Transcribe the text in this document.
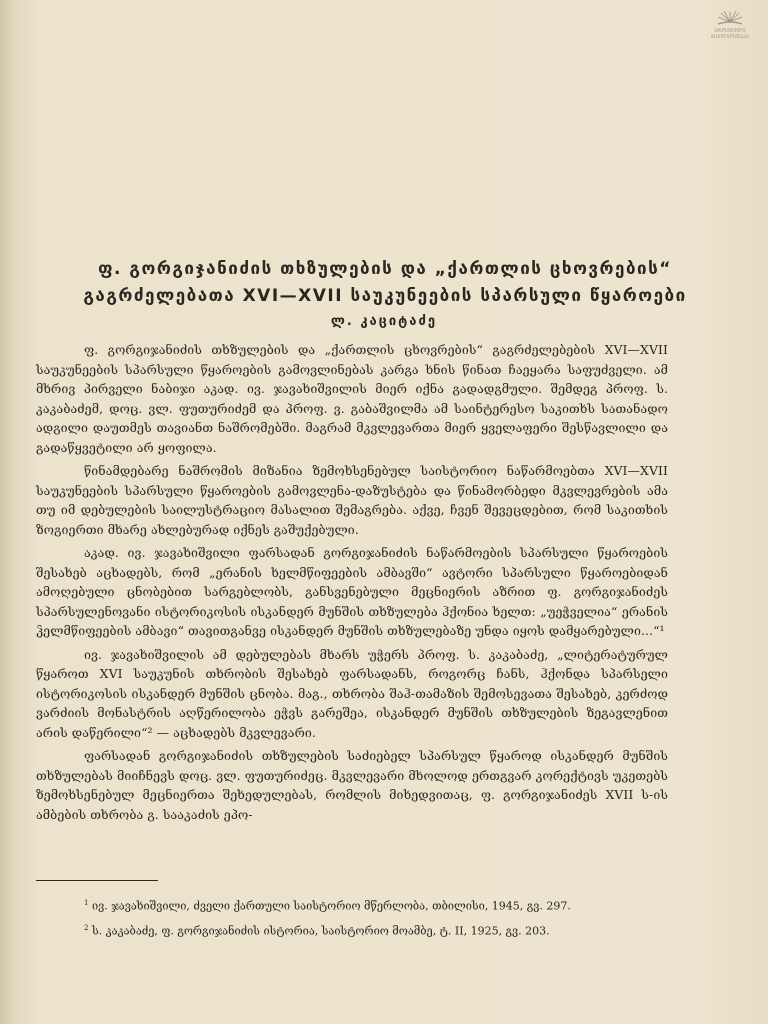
ᲔᲠᲝᲕᲜᲣᲚᲘ
ᲑᲘᲑᲚᲘᲝᲗᲔᲙᲐ
ფ. გორგიჯანიძის თხზულების და „ქართლის ცხოვრების“
გაგრძელებათა XVI—XVII საუკუნეების სპარსული წყაროები
ლ. კაციტაძე

ფ. გორგიჯანიძის თხზულების და „ქართლის ცხოვრების“ გაგრძელებების XVI—XVII საუკუნეების სპარსული წყაროების გამოვლინებას კარგა ხნის წინათ ჩაეყარა საფუძველი. ამ მხრივ პირველი ნაბიჯი აკად. ივ. ჯავახიშვილის მიერ იქნა გადადგმული. შემდეგ პროფ. ს. კაკაბაძემ, დოც. ვლ. ფუთურიძემ და პროფ. ვ. გაბაშვილმა ამ საინტერესო საკითხს სათანადო ადგილი დაუთმეს თავიანთ ნაშრომებში. მაგრამ მკვლევართა მიერ ყველაფერი შესწავლილი და გადაწყვეტილი არ ყოფილა.

წინამდებარე ნაშრომის მიზანია ზემოხსენებულ საისტორიო ნაწარმოებთა XVI—XVII საუკუნეების სპარსული წყაროების გამოვლენა-დაზუსტება და წინამორბედი მკვლევრების ამა თუ იმ დებულების საილუსტრაციო მასალით შემაგრება. აქვე, ჩვენ შევეცდებით, რომ საკითხის ზოგიერთი მხარე ახლებურად იქნეს გაშუქებული.

აკად. ივ. ჯავახიშვილი ფარსადან გორგიჯანიძის ნაწარმოების სპარსული წყაროების შესახებ აცხადებს, რომ „ერანის ხელმწიფეების ამბავში“ ავტორი სპარსული წყაროებიდან ამოღებული ცნობებით სარგებლობს, განსვენებული მეცნიერის აზრით ფ. გორგიჯანიძეს სპარსულენოვანი ისტორიკოსის ისკანდერ მუნშის თხზულება ჰქონია ხელთ: „უეჭველია“ ერანის ჴელმწიფეების ამბავი“ თავითგანვე ისკანდერ მუნშის თხზულებაზე უნდა იყოს დამყარებული...“¹

ივ. ჯავახიშვილის ამ დებულებას მხარს უჭერს პროფ. ს. კაკაბაძე, „ლიტერატურულ წყაროთ XVI საუკუნის თხრობის შესახებ ფარსადანს, როგორც ჩანს, ჰქონდა სპარსელი ისტორიკოსის ისკანდერ მუნშის ცნობა. მაგ., თხრობა შაჰ-თამაზის შემოსევათა შესახებ, კერძოდ ვარძიის მონასტრის აღწერილობა ეჭვს გარეშეა, ისკანდერ მუნშის თხზულების ზეგავლენით არის დაწერილი“² — აცხადებს მკვლევარი.

ფარსადან გორგიჯანიძის თხზულების საძიებელ სპარსულ წყაროდ ისკანდერ მუნშის თხზულებას მიიჩნევს დოც. ვლ. ფუთურიძეც. მკვლევარი მხოლოდ ერთგვარ კორექტივს უკეთებს ზემოხსენებულ მეცნიერთა შეხედულებას, რომლის მიხედვითაც, ფ. გორგიჯანიძეს XVII ს-ის ამბების თხრობა გ. სააკაძის ეპო-

$^1$ ივ. ჯავახიშვილი, ძველი ქართული საისტორიო მწერლობა, თბილისი, 1945, გვ. 297.

$^2$ ს. კაკაბაძე, ფ. გორგიჯანიძის ისტორია, საისტორიო მოამბე, ტ. II, 1925, გვ. 203.
